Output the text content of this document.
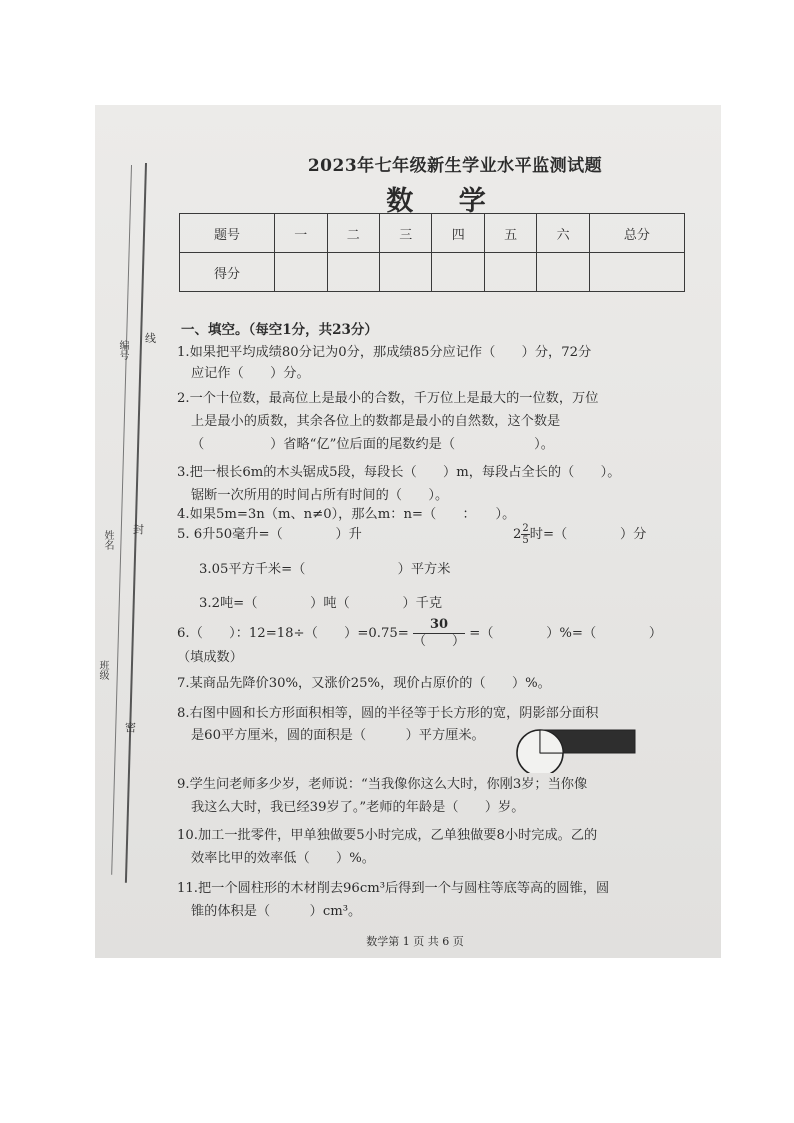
编号
姓名
班级
线
封
密
2023年七年级新生学业水平监测试题
数 学
题号	一	二	三	四	五	六	总分
得分							
一、填空。（每空1分，共23分）
1.如果把平均成绩80分记为0分，那成绩85分应记作（　　）分，72分
应记作（　　）分。
2.一个十位数，最高位上是最小的合数，千万位上是最大的一位数，万位
上是最小的质数，其余各位上的数都是最小的自然数，这个数是
（　　　　　）省略“亿”位后面的尾数约是（　　　　　　）。
3.把一根长6m的木头锯成5段，每段长（　　）m，每段占全长的（　　）。
锯断一次所用的时间占所有时间的（　　）。
4.如果5m=3n（m、n≠0），那么m：n=（　　：　　）。
5. 6升50毫升=（　　　　）升	$2 \frac{2}{5}$时=（　　　　）分
3.05平方千米=（　　　　　　　）平方米
3.2吨=（　　　　）吨（　　　　）千克
6.（　　）：12=18÷（　　）$=0.75= \frac{30}{( )}$ =（　　　　）%=（　　　　）
（填成数）
7.某商品先降价30%，又涨价25%，现价占原价的（　　）%。
8.右图中圆和长方形面积相等，圆的半径等于长方形的宽，阴影部分面积
是60平方厘米，圆的面积是（　　　）平方厘米。
9.学生问老师多少岁，老师说：“当我像你这么大时，你刚3岁；当你像
我这么大时，我已经39岁了。”老师的年龄是（　　）岁。
10.加工一批零件，甲单独做要5小时完成，乙单独做要8小时完成。乙的
效率比甲的效率低（　　）%。
11.把一个圆柱形的木材削去96cm³后得到一个与圆柱等底等高的圆锥，圆
锥的体积是（　　　）cm³。
数学第 1 页 共 6 页
